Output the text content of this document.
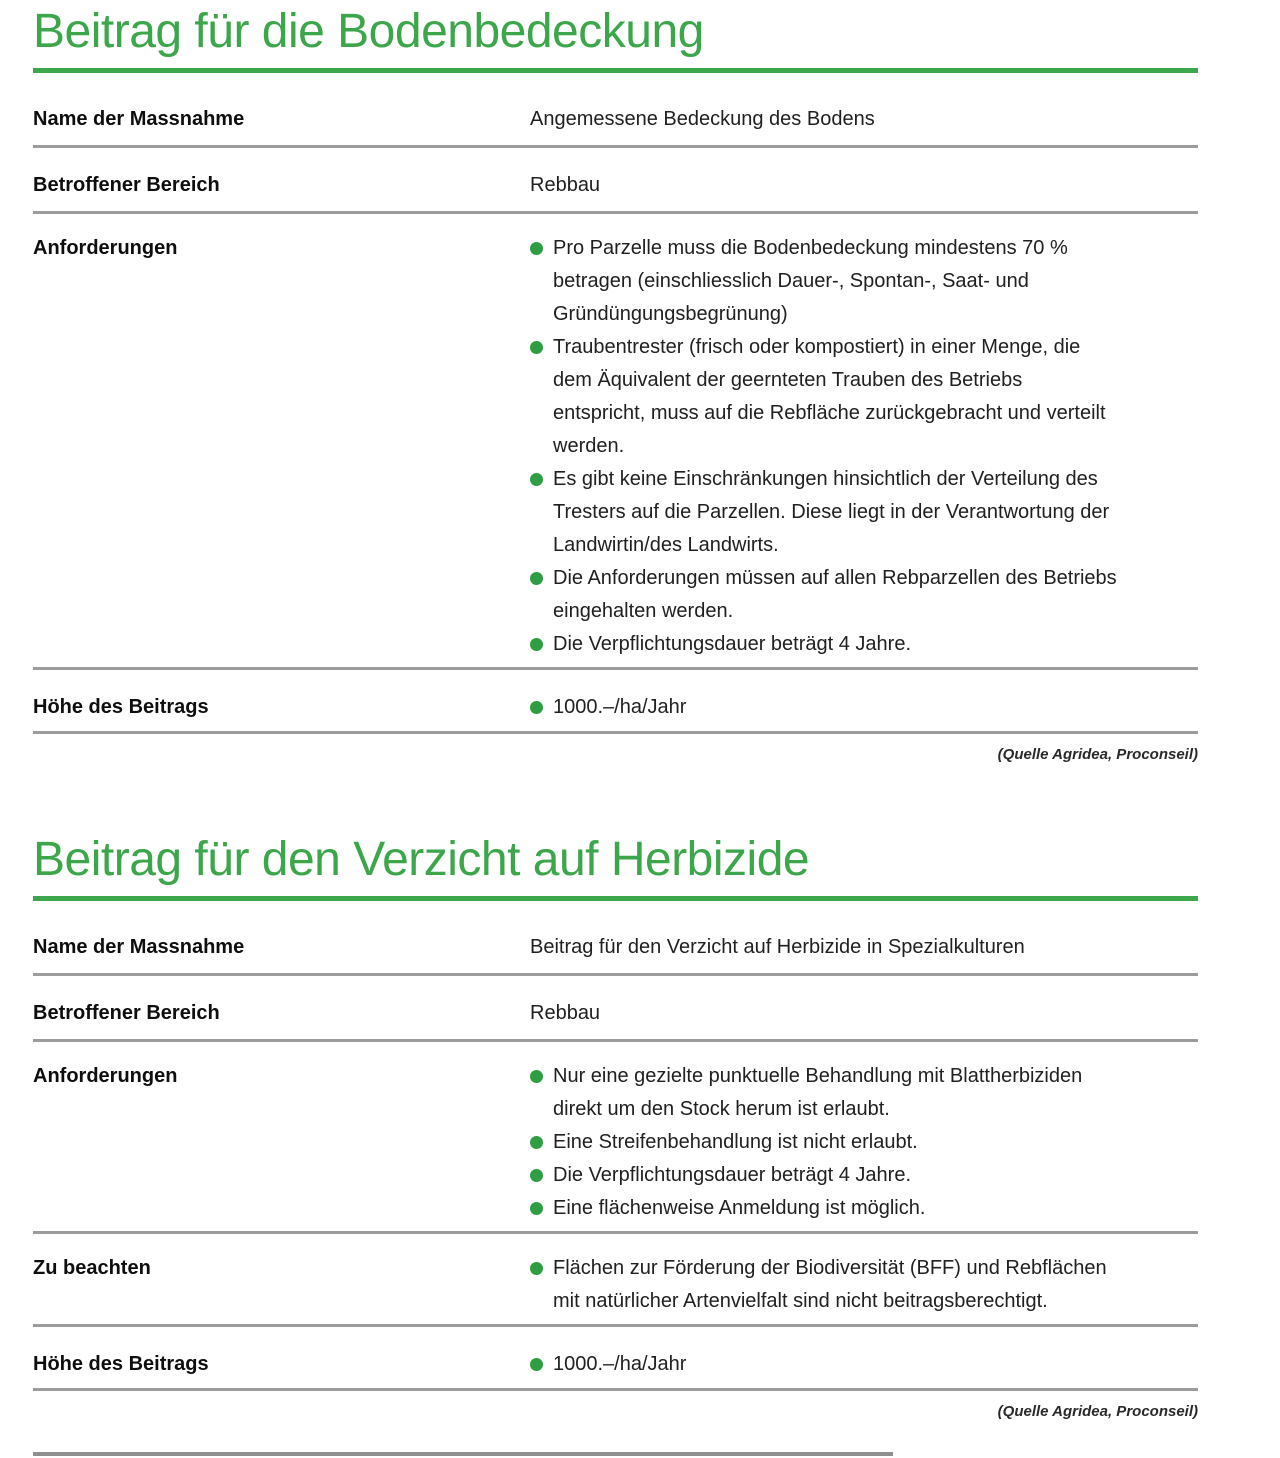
Beitrag für die Bodenbedeckung
Name der Massnahme	Angemessene Bedeckung des Bodens
Betroffener Bereich	Rebbau
Anforderungen	Pro Parzelle muss die Bodenbedeckung mindestens 70 % betragen (einschliesslich Dauer-, Spontan-, Saat- und Gründüngungsbegrünung)
Traubentrester (frisch oder kompostiert) in einer Menge, die dem Äquivalent der geernteten Trauben des Betriebs entspricht, muss auf die Rebfläche zurückgebracht und verteilt werden.
Es gibt keine Einschränkungen hinsichtlich der Verteilung des Tresters auf die Parzellen. Diese liegt in der Verantwortung der Landwirtin/des Landwirts.
Die Anforderungen müssen auf allen Rebparzellen des Betriebs eingehalten werden.
Die Verpflichtungsdauer beträgt 4 Jahre.
Höhe des Beitrags	1000.–/ha/Jahr
(Quelle Agridea, Proconseil)
Beitrag für den Verzicht auf Herbizide
Name der Massnahme	Beitrag für den Verzicht auf Herbizide in Spezialkulturen
Betroffener Bereich	Rebbau
Anforderungen	Nur eine gezielte punktuelle Behandlung mit Blattherbiziden direkt um den Stock herum ist erlaubt.
Eine Streifenbehandlung ist nicht erlaubt.
Die Verpflichtungsdauer beträgt 4 Jahre.
Eine flächenweise Anmeldung ist möglich.
Zu beachten	Flächen zur Förderung der Biodiversität (BFF) und Rebflächen mit natürlicher Artenvielfalt sind nicht beitragsberechtigt.
Höhe des Beitrags	1000.–/ha/Jahr
(Quelle Agridea, Proconseil)
